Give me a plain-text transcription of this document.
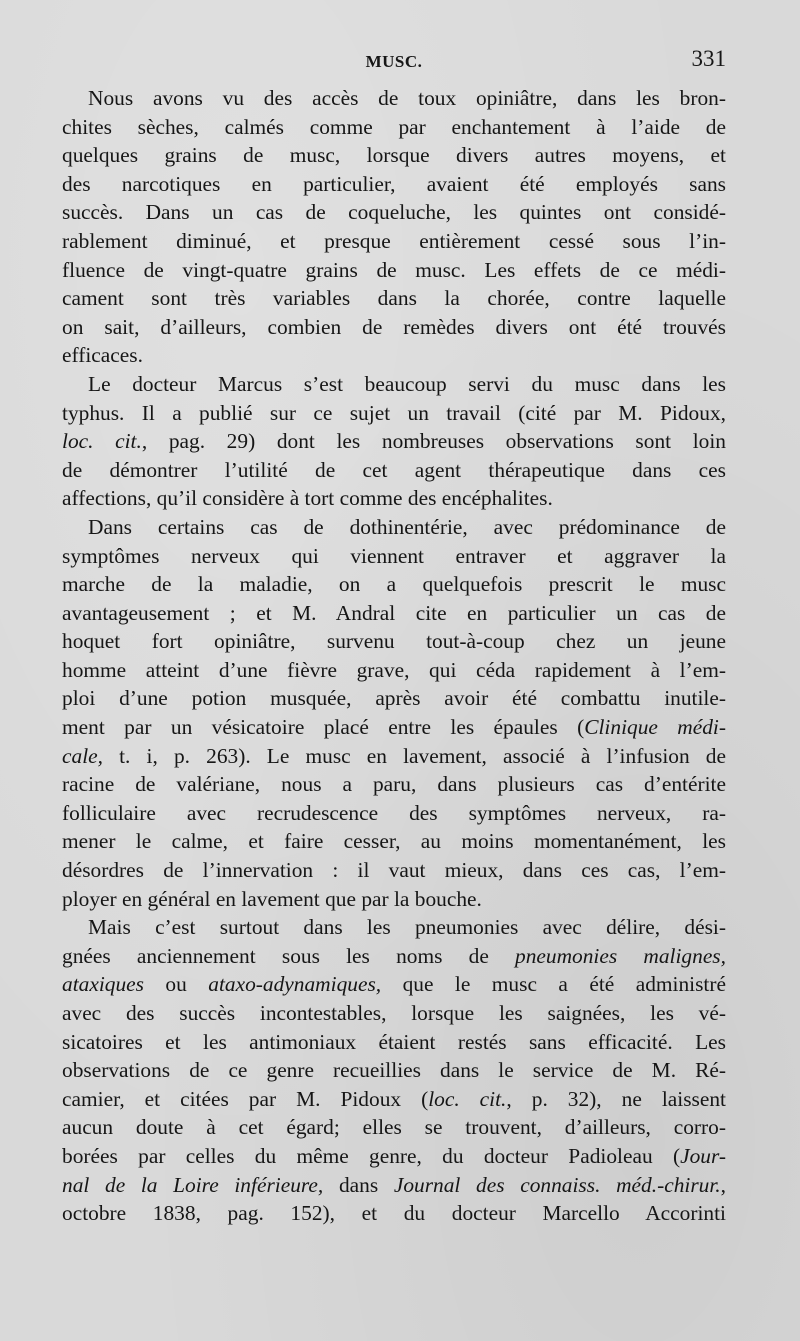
MUSC.	331
Nous avons vu des accès de toux opiniâtre, dans les bron-
chites sèches, calmés comme par enchantement à l’aide de
quelques grains de musc, lorsque divers autres moyens, et
des narcotiques en particulier, avaient été employés sans
succès. Dans un cas de coqueluche, les quintes ont considé-
rablement diminué, et presque entièrement cessé sous l’in-
fluence de vingt-quatre grains de musc. Les effets de ce médi-
cament sont très variables dans la chorée, contre laquelle
on sait, d’ailleurs, combien de remèdes divers ont été trouvés
efficaces.
Le docteur Marcus s’est beaucoup servi du musc dans les
typhus. Il a publié sur ce sujet un travail (cité par M. Pidoux,
loc. cit., pag. 29) dont les nombreuses observations sont loin
de démontrer l’utilité de cet agent thérapeutique dans ces
affections, qu’il considère à tort comme des encéphalites.
Dans certains cas de dothinentérie, avec prédominance de
symptômes nerveux qui viennent entraver et aggraver la
marche de la maladie, on a quelquefois prescrit le musc
avantageusement ; et M. Andral cite en particulier un cas de
hoquet fort opiniâtre, survenu tout-à-coup chez un jeune
homme atteint d’une fièvre grave, qui céda rapidement à l’em-
ploi d’une potion musquée, après avoir été combattu inutile-
ment par un vésicatoire placé entre les épaules (Clinique médi-
cale, t. i, p. 263). Le musc en lavement, associé à l’infusion de
racine de valériane, nous a paru, dans plusieurs cas d’entérite
folliculaire avec recrudescence des symptômes nerveux, ra-
mener le calme, et faire cesser, au moins momentanément, les
désordres de l’innervation : il vaut mieux, dans ces cas, l’em-
ployer en général en lavement que par la bouche.
Mais c’est surtout dans les pneumonies avec délire, dési-
gnées anciennement sous les noms de pneumonies malignes,
ataxiques ou ataxo-adynamiques, que le musc a été administré
avec des succès incontestables, lorsque les saignées, les vé-
sicatoires et les antimoniaux étaient restés sans efficacité. Les
observations de ce genre recueillies dans le service de M. Ré-
camier, et citées par M. Pidoux (loc. cit., p. 32), ne laissent
aucun doute à cet égard; elles se trouvent, d’ailleurs, corro-
borées par celles du même genre, du docteur Padioleau (Jour-
nal de la Loire inférieure, dans Journal des connaiss. méd.-chirur.,
octobre 1838, pag. 152), et du docteur Marcello Accorinti
